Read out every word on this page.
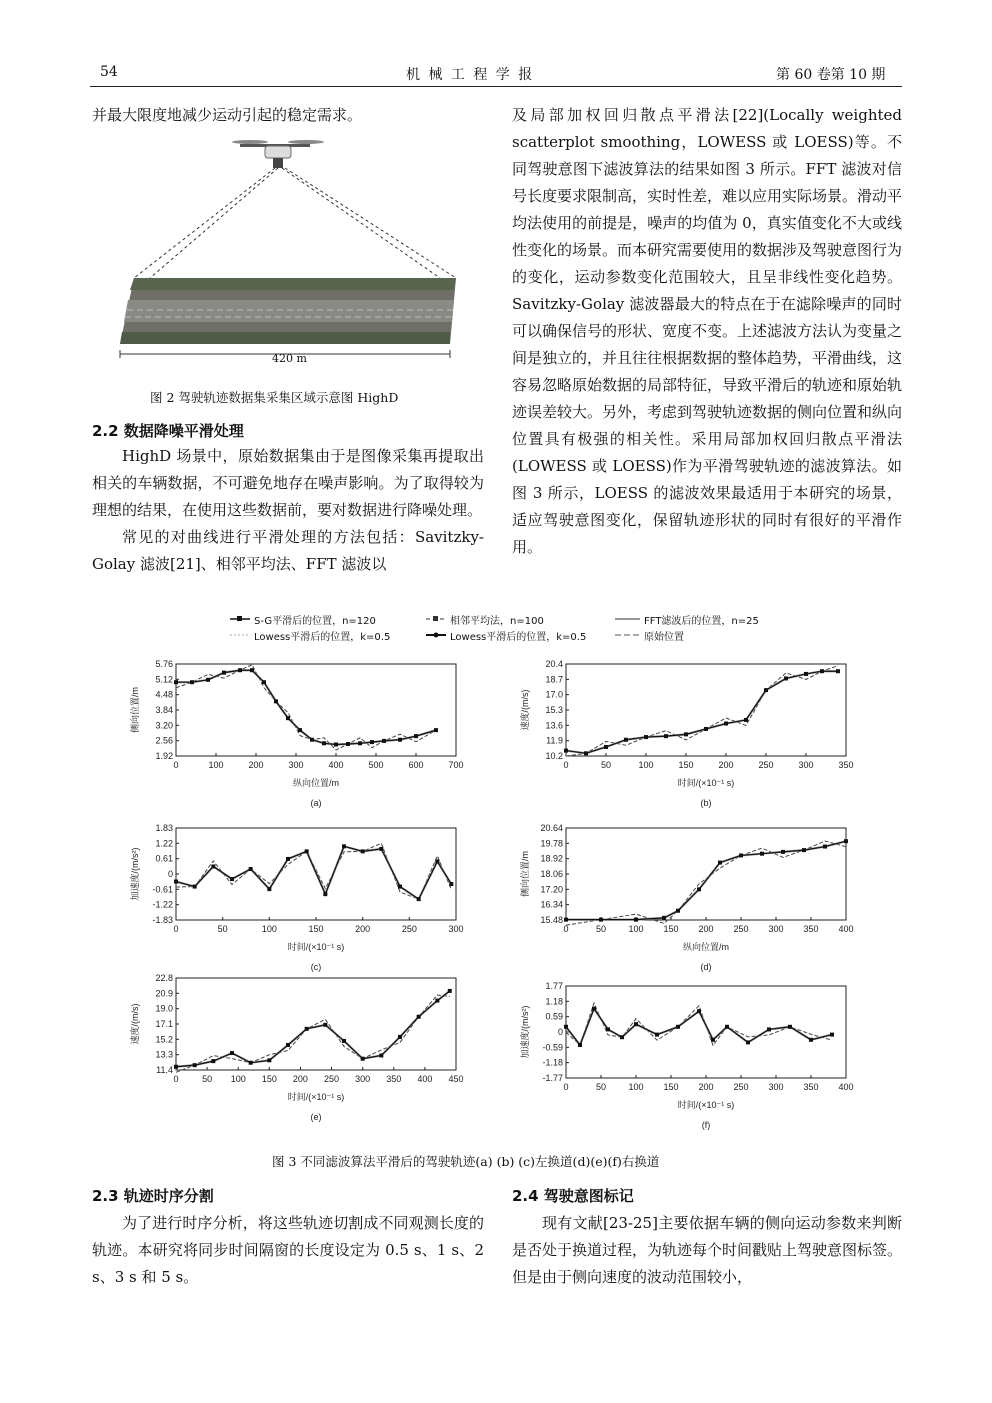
54	机 械 工 程 学 报	第 60 卷第 10 期
并最大限度地减少运动引起的稳定需求。
420 m
图 2 驾驶轨迹数据集采集区域示意图 HighD
2.2 数据降噪平滑处理

HighD 场景中，原始数据集由于是图像采集再提取出相关的车辆数据，不可避免地存在噪声影响。为了取得较为理想的结果，在使用这些数据前，要对数据进行降噪处理。

常见的对曲线进行平滑处理的方法包括：Savitzky-Golay 滤波[21]、相邻平均法、FFT 滤波以

及局部加权回归散点平滑法[22](Locally weighted scatterplot smoothing，LOWESS 或 LOESS)等。不同驾驶意图下滤波算法的结果如图 3 所示。FFT 滤波对信号长度要求限制高，实时性差，难以应用实际场景。滑动平均法使用的前提是，噪声的均值为 0，真实值变化不大或线性变化的场景。而本研究需要使用的数据涉及驾驶意图行为的变化，运动参数变化范围较大，且呈非线性变化趋势。Savitzky-Golay 滤波器最大的特点在于在滤除噪声的同时可以确保信号的形状、宽度不变。上述滤波方法认为变量之间是独立的，并且往往根据数据的整体趋势，平滑曲线，这容易忽略原始数据的局部特征，导致平滑后的轨迹和原始轨迹误差较大。另外，考虑到驾驶轨迹数据的侧向位置和纵向位置具有极强的相关性。采用局部加权回归散点平滑法(LOWESS 或 LOESS)作为平滑驾驶轨迹的滤波算法。如图 3 所示，LOESS 的滤波效果最适用于本研究的场景，适应驾驶意图变化，保留轨迹形状的同时有很好的平滑作用。
S-G平滑后的位置，n=120	相邻平均法，n=100	FFT滤波后的位置，n=25
Lowess平滑后的位置，k=0.5	Lowess平滑后的位置，k=0.5	原始位置
5.76
5.12
4.48
3.84
3.20
2.56
1.92
0	100	200	300	400	500	600	700
纵向位置/m
侧向位置/m
(a)
20.4
18.7
17.0
15.3
13.6
11.9
10.2
0	50	100	150	200	250	300	350
时间/(×10⁻¹ s)
速度/(m/s)
(b)
1.83
1.22
0.61
0
-0.61
-1.22
-1.83
0	50	100	150	200	250	300
时间/(×10⁻¹ s)
加速度/(m/s²)
(c)
20.64
19.78
18.92
18.06
17.20
16.34
15.48
0	50 100 150 200 250 300 350 400
纵向位置/m
侧向位置/m
(d)
22.8
20.9
19.0
17.1
15.2
13.3
11.4
0	50 100 150 200 250 300 350 400 450
时间/(×10⁻¹ s)
速度/(m/s)
(e)
1.77
1.18
0.59
0
-0.59
-1.18
-1.77
0	50 100 150 200 250 300 350 400
时间/(×10⁻¹ s)
加速度/(m/s²)
(f)
图 3 不同滤波算法平滑后的驾驶轨迹(a) (b) (c)左换道(d)(e)(f)右换道
2.3 轨迹时序分割
为了进行时序分析，将这些轨迹切割成不同观测长度的轨迹。本研究将同步时间隔窗的长度设定为 0.5 s、1 s、2 s、3 s 和 5 s。
2.4 驾驶意图标记
现有文献[23-25]主要依据车辆的侧向运动参数来判断是否处于换道过程，为轨迹每个时间戳贴上驾驶意图标签。但是由于侧向速度的波动范围较小，
